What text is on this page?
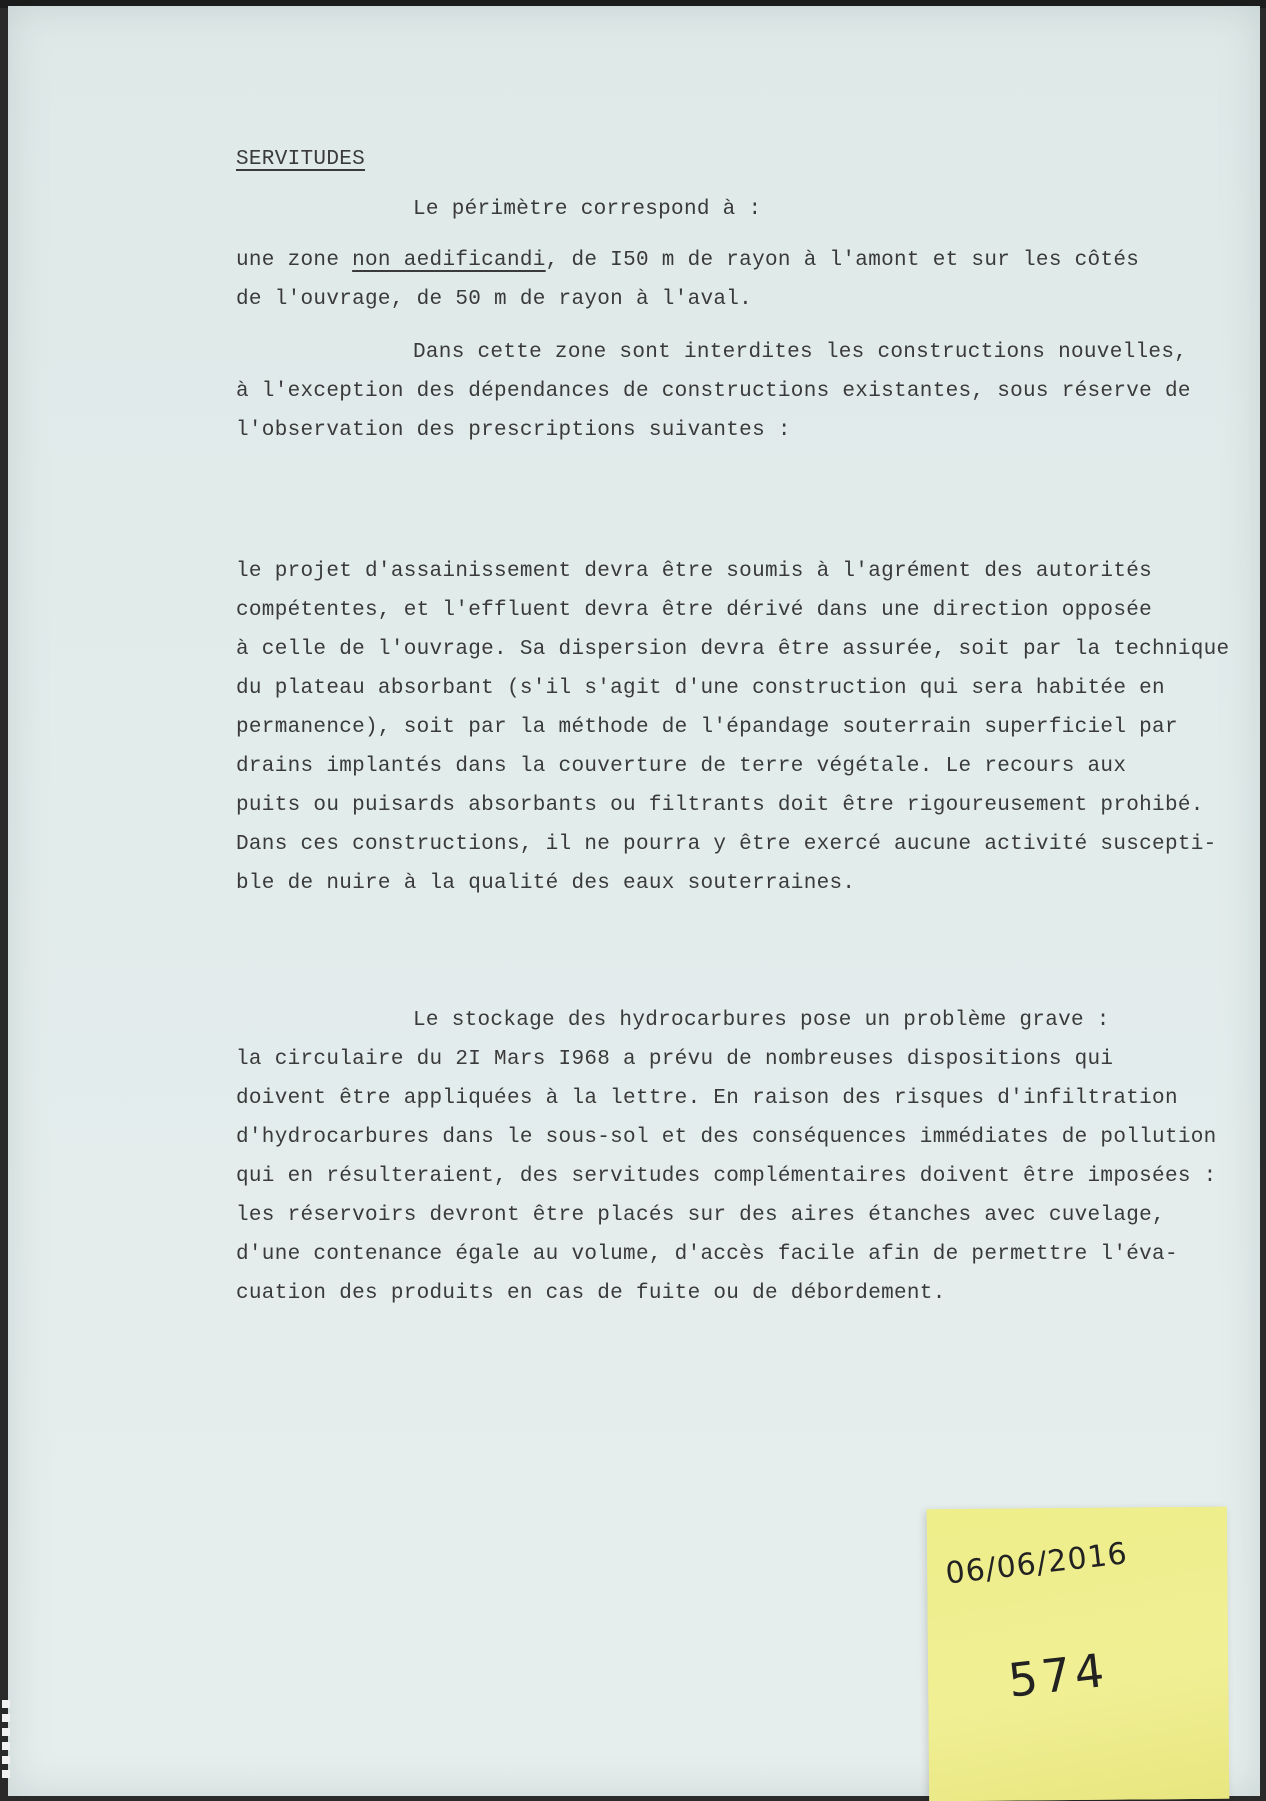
SERVITUDES
Le périmètre correspond à :
une zone non aedificandi, de I50 m de rayon à l'amont et sur les côtés
de l'ouvrage, de 50 m de rayon à l'aval.
Dans cette zone sont interdites les constructions nouvelles,
à l'exception des dépendances de constructions existantes, sous réserve de
l'observation des prescriptions suivantes :
le projet d'assainissement devra être soumis à l'agrément des autorités
compétentes, et l'effluent devra être dérivé dans une direction opposée
à celle de l'ouvrage. Sa dispersion devra être assurée, soit par la technique
du plateau absorbant (s'il s'agit d'une construction qui sera habitée en
permanence), soit par la méthode de l'épandage souterrain superficiel par
drains implantés dans la couverture de terre végétale. Le recours aux
puits ou puisards absorbants ou filtrants doit être rigoureusement prohibé.
Dans ces constructions, il ne pourra y être exercé aucune activité suscepti-
ble de nuire à la qualité des eaux souterraines.
Le stockage des hydrocarbures pose un problème grave :
la circulaire du 2I Mars I968 a prévu de nombreuses dispositions qui
doivent être appliquées à la lettre. En raison des risques d'infiltration
d'hydrocarbures dans le sous-sol et des conséquences immédiates de pollution
qui en résulteraient, des servitudes complémentaires doivent être imposées :
les réservoirs devront être placés sur des aires étanches avec cuvelage,
d'une contenance égale au volume, d'accès facile afin de permettre l'éva-
cuation des produits en cas de fuite ou de débordement.
06/06/2016
574
